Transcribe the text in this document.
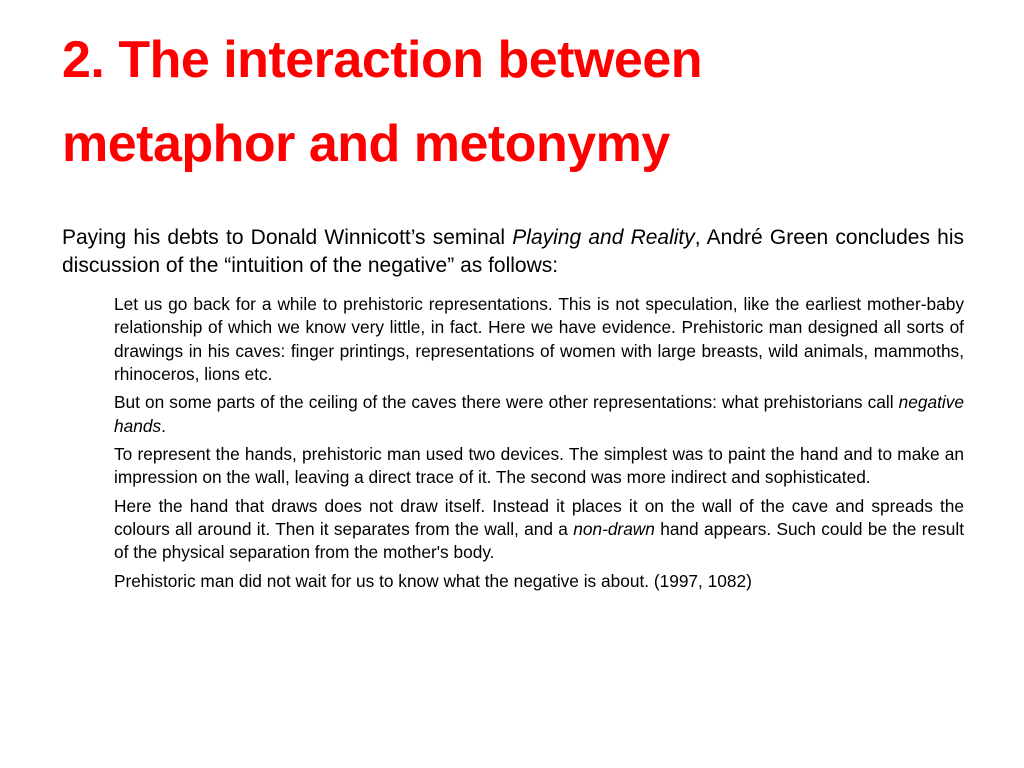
2. The interaction between
metaphor and metonymy

Paying his debts to Donald Winnicott’s seminal Playing and Reality, André Green concludes his discussion of the “intuition of the negative” as follows:

Let us go back for a while to prehistoric representations. This is not speculation, like the earliest mother-baby relationship of which we know very little, in fact. Here we have evidence. Prehistoric man designed all sorts of drawings in his caves: finger printings, representations of women with large breasts, wild animals, mammoths, rhinoceros, lions etc.

But on some parts of the ceiling of the caves there were other representations: what prehistorians call negative hands.

To represent the hands, prehistoric man used two devices. The simplest was to paint the hand and to make an impression on the wall, leaving a direct trace of it. The second was more indirect and sophisticated.

Here the hand that draws does not draw itself. Instead it places it on the wall of the cave and spreads the colours all around it. Then it separates from the wall, and a non-drawn hand appears. Such could be the result of the physical separation from the mother's body.

Prehistoric man did not wait for us to know what the negative is about. (1997, 1082)
